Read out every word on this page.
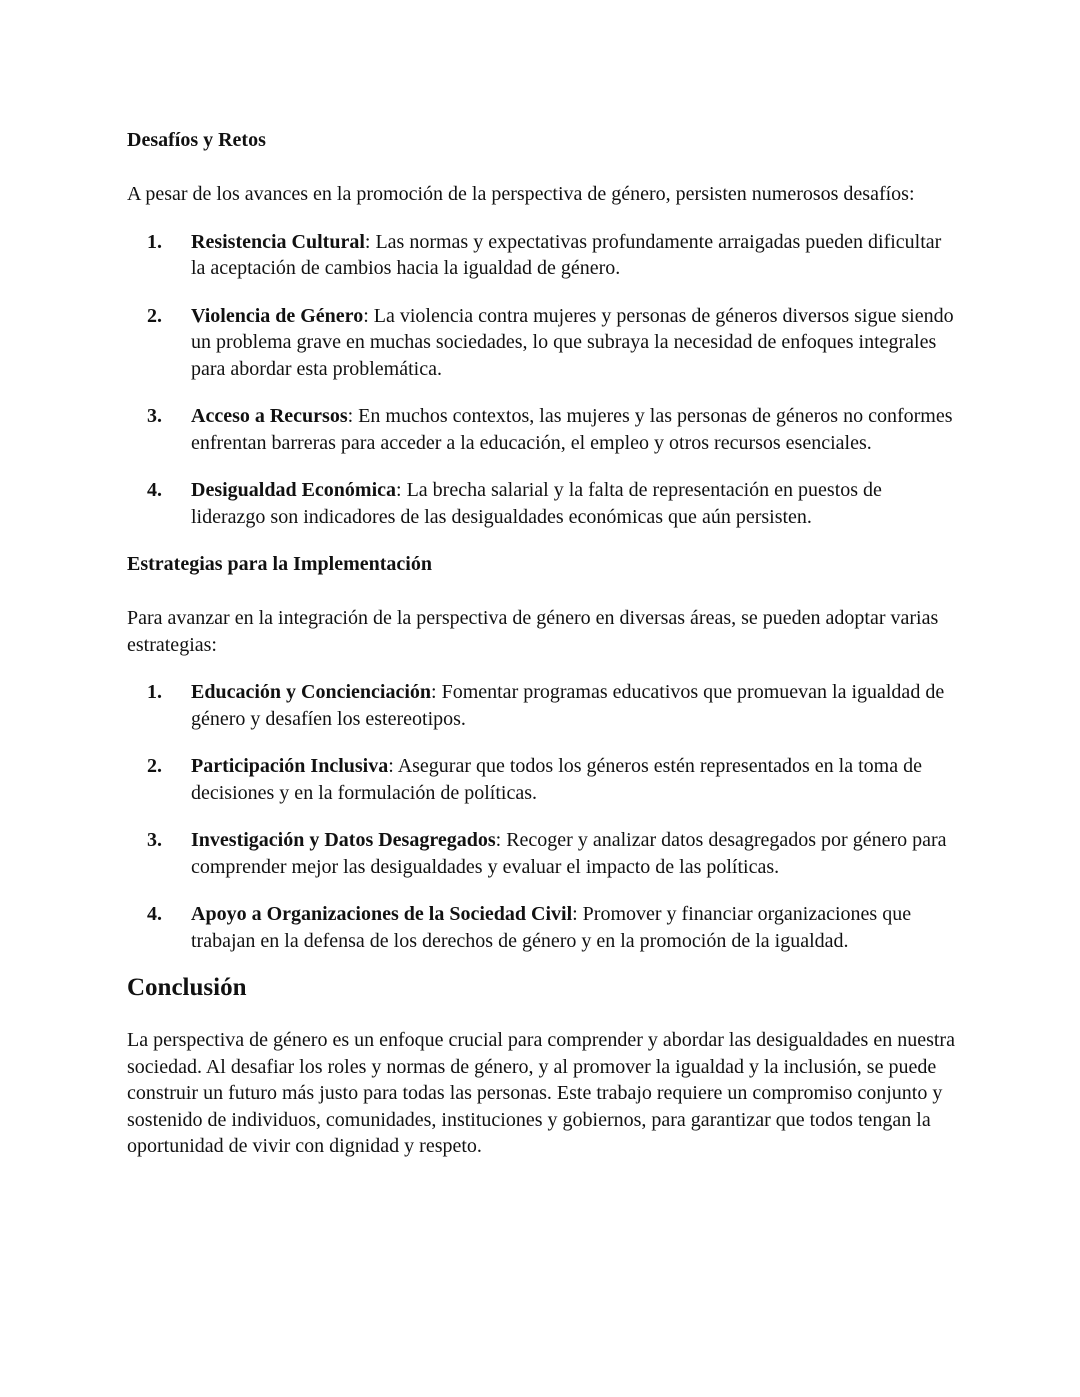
Desafíos y Retos

A pesar de los avances en la promoción de la perspectiva de género, persisten numerosos desafíos:

1. Resistencia Cultural: Las normas y expectativas profundamente arraigadas pueden dificultar la aceptación de cambios hacia la igualdad de género.
2. Violencia de Género: La violencia contra mujeres y personas de géneros diversos sigue siendo un problema grave en muchas sociedades, lo que subraya la necesidad de enfoques integrales para abordar esta problemática.
3. Acceso a Recursos: En muchos contextos, las mujeres y las personas de géneros no conformes enfrentan barreras para acceder a la educación, el empleo y otros recursos esenciales.
4. Desigualdad Económica: La brecha salarial y la falta de representación en puestos de liderazgo son indicadores de las desigualdades económicas que aún persisten.
Estrategias para la Implementación

Para avanzar en la integración de la perspectiva de género en diversas áreas, se pueden adoptar varias estrategias:

1. Educación y Concienciación: Fomentar programas educativos que promuevan la igualdad de género y desafíen los estereotipos.
2. Participación Inclusiva: Asegurar que todos los géneros estén representados en la toma de decisiones y en la formulación de políticas.
3. Investigación y Datos Desagregados: Recoger y analizar datos desagregados por género para comprender mejor las desigualdades y evaluar el impacto de las políticas.
4. Apoyo a Organizaciones de la Sociedad Civil: Promover y financiar organizaciones que trabajan en la defensa de los derechos de género y en la promoción de la igualdad.
Conclusión

La perspectiva de género es un enfoque crucial para comprender y abordar las desigualdades en nuestra sociedad. Al desafiar los roles y normas de género, y al promover la igualdad y la inclusión, se puede construir un futuro más justo para todas las personas. Este trabajo requiere un compromiso conjunto y sostenido de individuos, comunidades, instituciones y gobiernos, para garantizar que todos tengan la oportunidad de vivir con dignidad y respeto.
